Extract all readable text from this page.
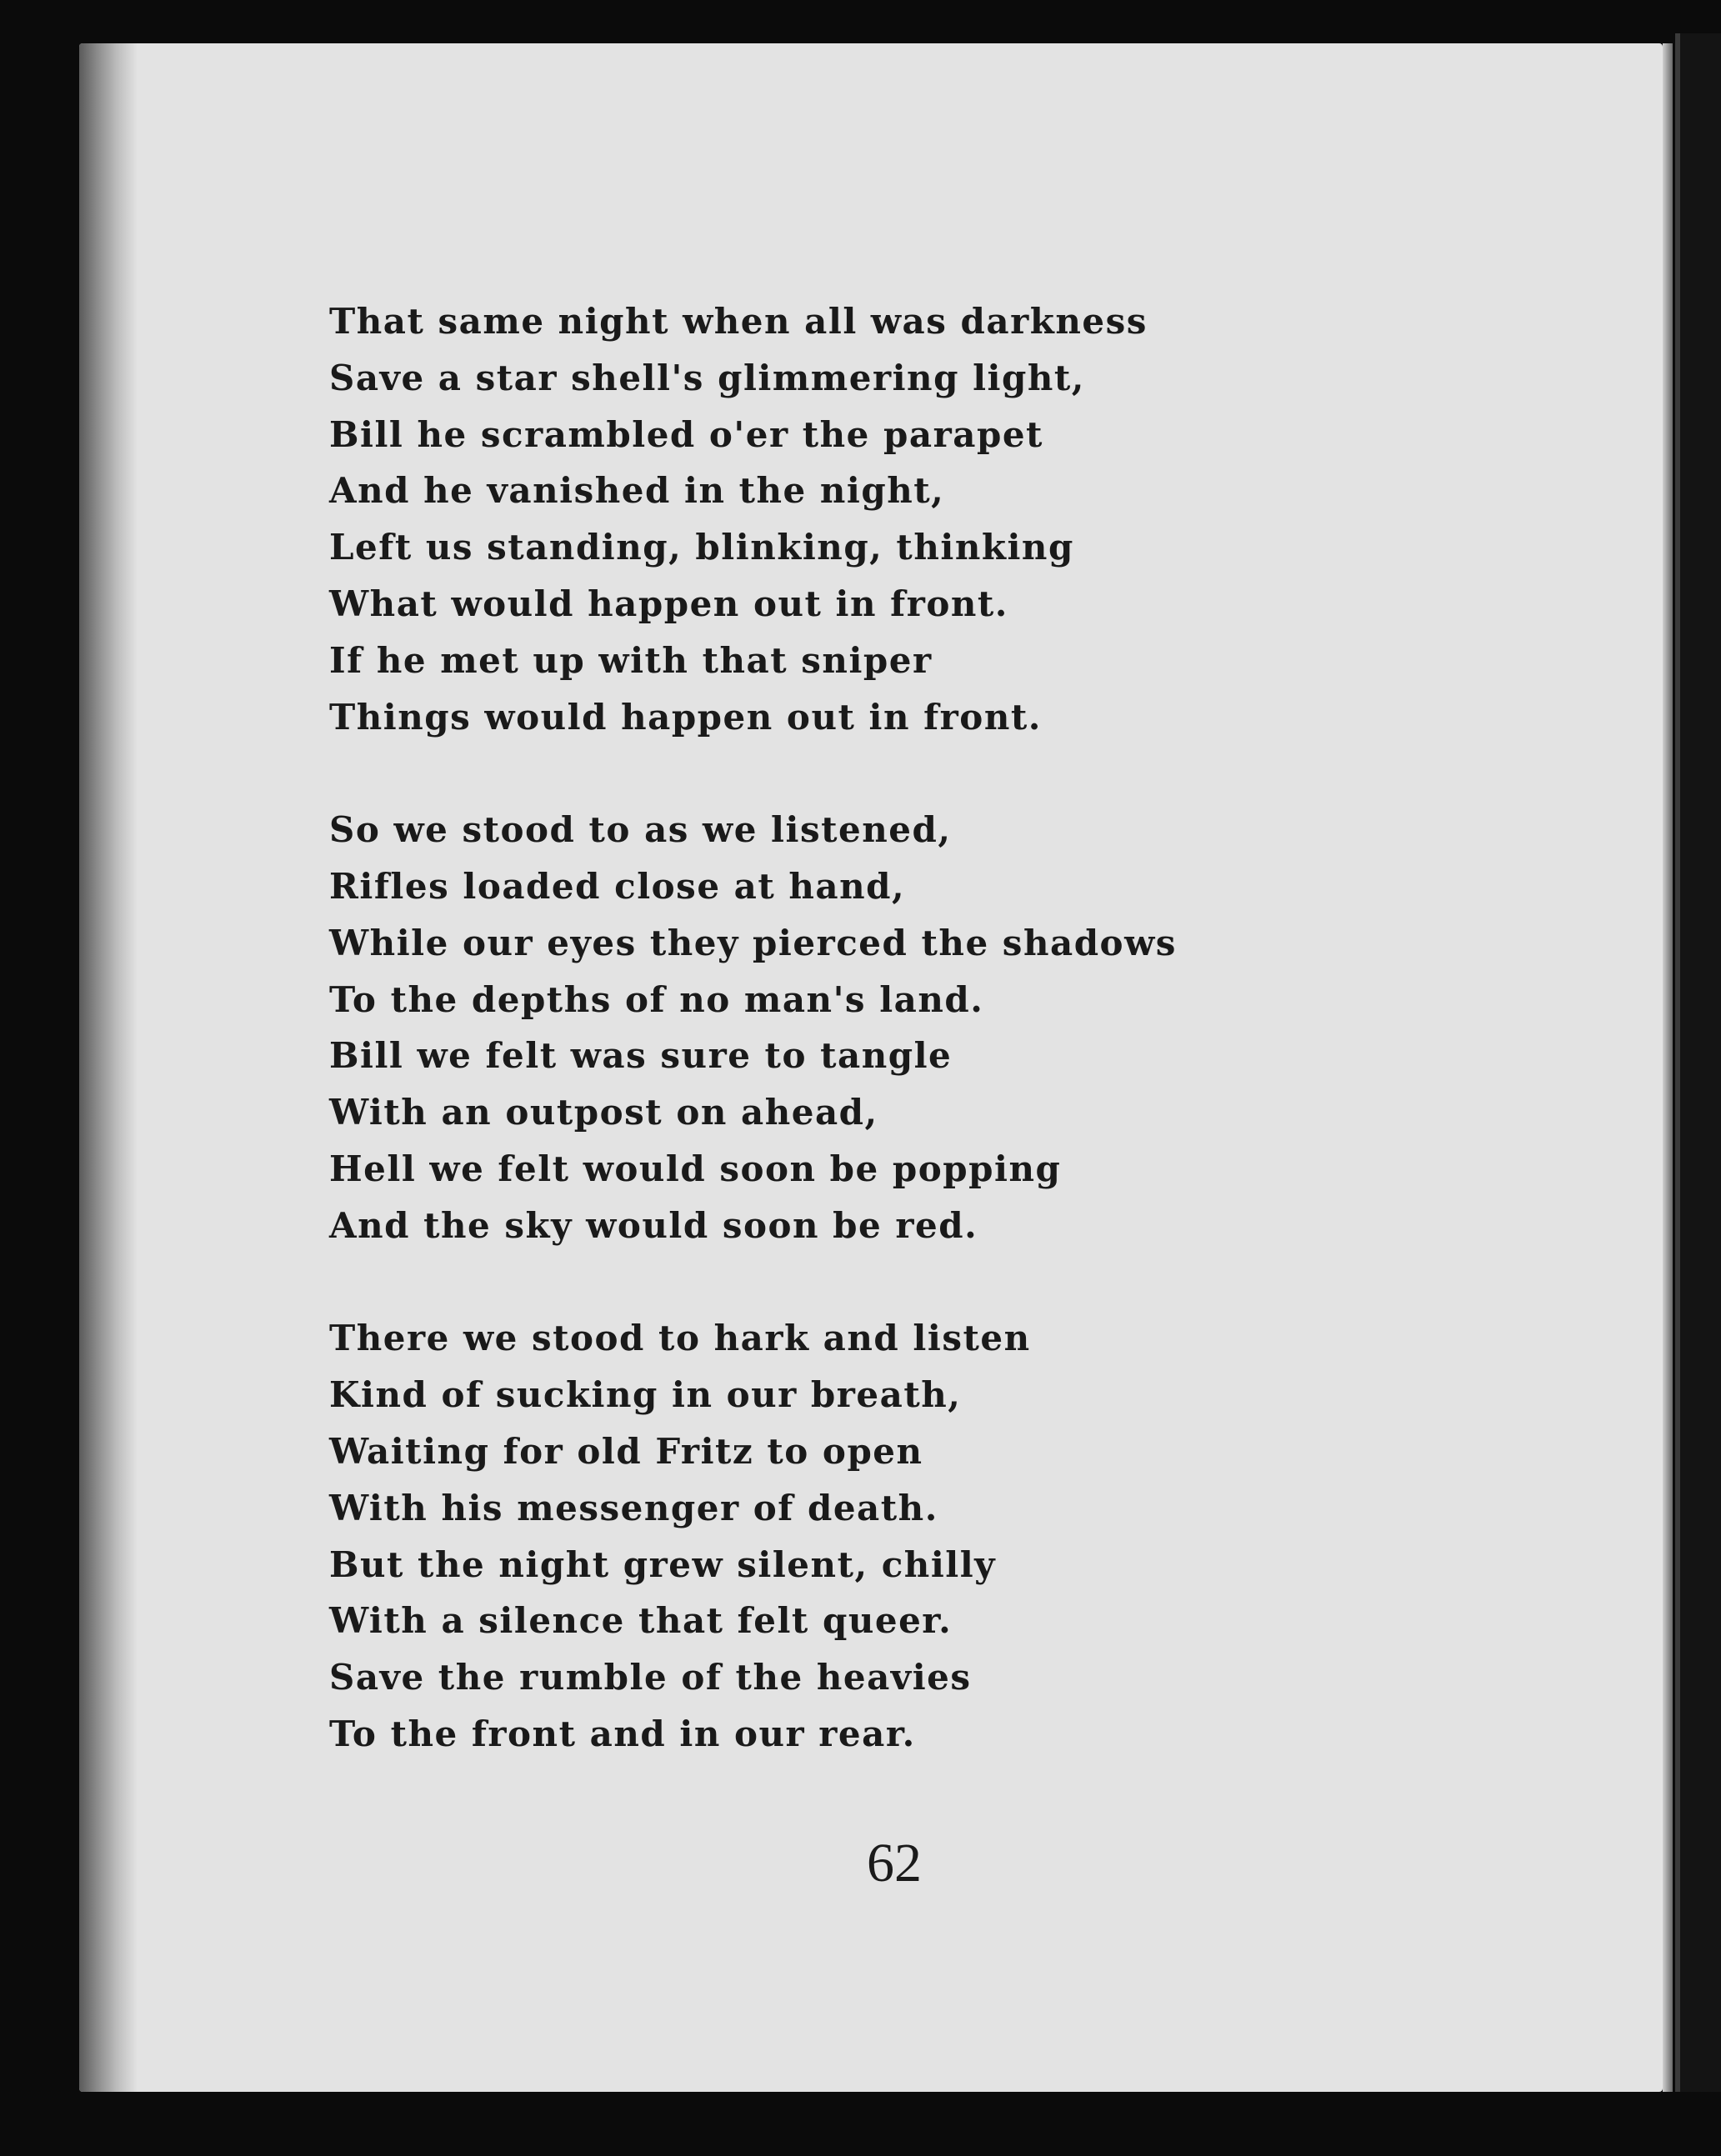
That same night when all was darkness
Save a star shell's glimmering light,
Bill he scrambled o'er the parapet
And he vanished in the night,
Left us standing, blinking, thinking
What would happen out in front.
If he met up with that sniper
Things would happen out in front.
So we stood to as we listened,
Rifles loaded close at hand,
While our eyes they pierced the shadows
To the depths of no man's land.
Bill we felt was sure to tangle
With an outpost on ahead,
Hell we felt would soon be popping
And the sky would soon be red.
There we stood to hark and listen
Kind of sucking in our breath,
Waiting for old Fritz to open
With his messenger of death.
But the night grew silent, chilly
With a silence that felt queer.
Save the rumble of the heavies
To the front and in our rear.
62
